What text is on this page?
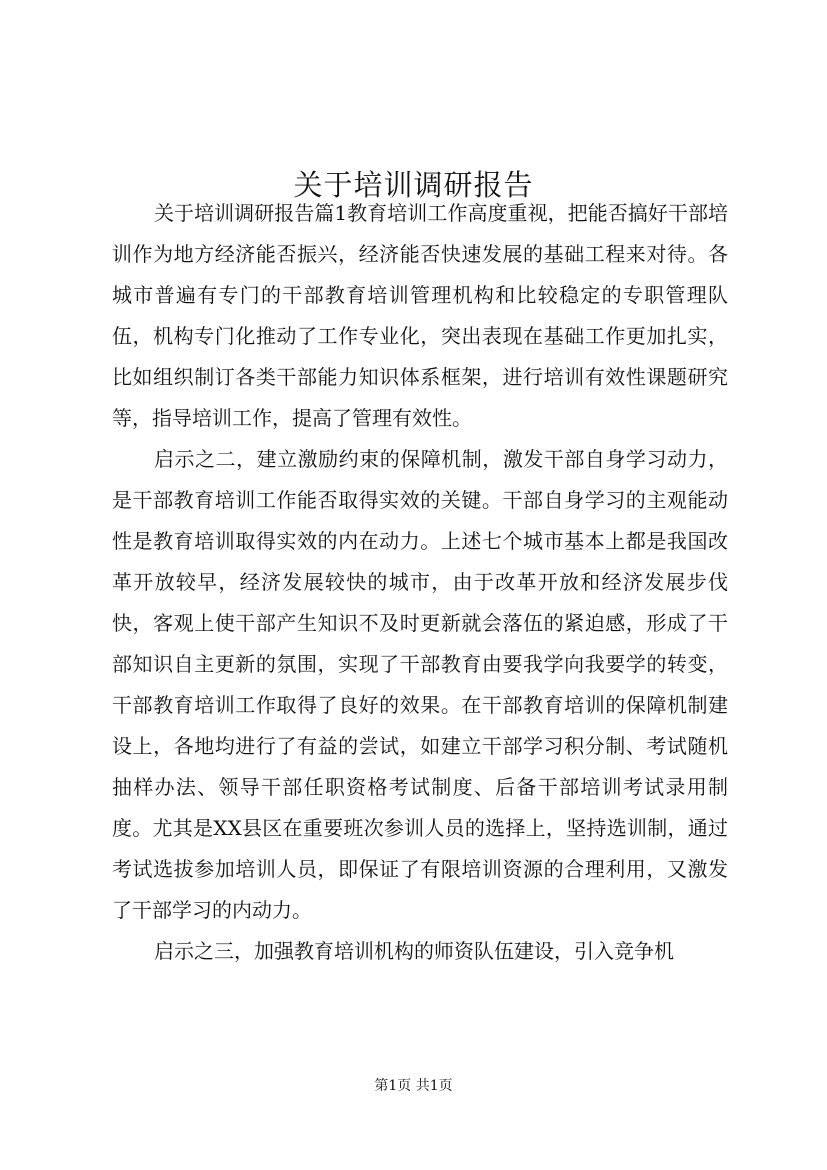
关于培训调研报告

关于培训调研报告篇1教育培训工作高度重视，把能否搞好干部培训作为地方经济能否振兴，经济能否快速发展的基础工程来对待。各城市普遍有专门的干部教育培训管理机构和比较稳定的专职管理队伍，机构专门化推动了工作专业化，突出表现在基础工作更加扎实，比如组织制订各类干部能力知识体系框架，进行培训有效性课题研究等，指导培训工作，提高了管理有效性。

启示之二，建立激励约束的保障机制，激发干部自身学习动力，是干部教育培训工作能否取得实效的关键。干部自身学习的主观能动性是教育培训取得实效的内在动力。上述七个城市基本上都是我国改革开放较早，经济发展较快的城市，由于改革开放和经济发展步伐快，客观上使干部产生知识不及时更新就会落伍的紧迫感，形成了干部知识自主更新的氛围，实现了干部教育由要我学向我要学的转变，干部教育培训工作取得了良好的效果。在干部教育培训的保障机制建设上，各地均进行了有益的尝试，如建立干部学习积分制、考试随机抽样办法、领导干部任职资格考试制度、后备干部培训考试录用制度。尤其是XX县区在重要班次参训人员的选择上，坚持选训制，通过考试选拔参加培训人员，即保证了有限培训资源的合理利用，又激发了干部学习的内动力。

启示之三，加强教育培训机构的师资队伍建设，引入竞争机

第1页 共1页
